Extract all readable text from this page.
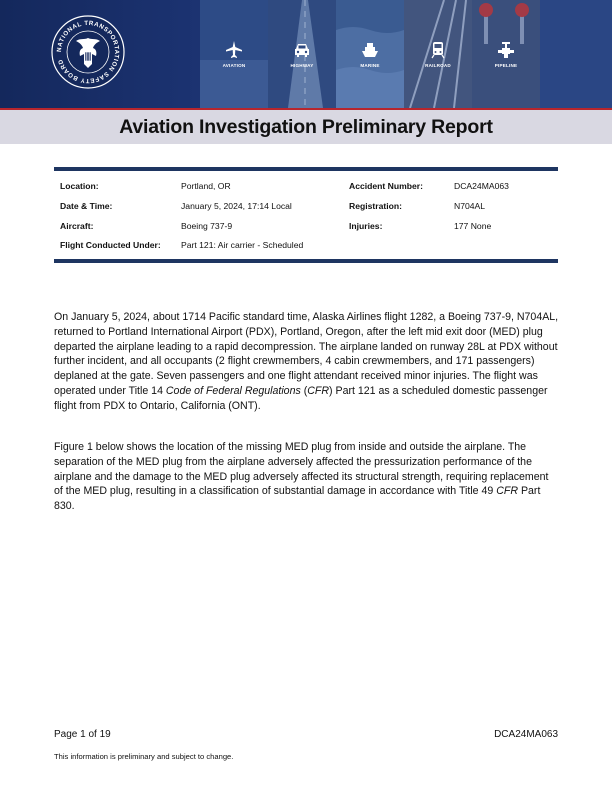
NATIONAL TRANSPORTATION SAFETY BOARD
AVIATION	HIGHWAY	MARINE	RAILROAD	PIPELINE
Aviation Investigation Preliminary Report
Location:	Portland, OR	Accident Number:	DCA24MA063
Date & Time:	January 5, 2024, 17:14 Local	Registration:	N704AL
Aircraft:	Boeing 737-9	Injuries:	177 None
Flight Conducted Under: Part 121: Air carrier - Scheduled

On January 5, 2024, about 1714 Pacific standard time, Alaska Airlines flight 1282, a Boeing 737-9, N704AL, returned to Portland International Airport (PDX), Portland, Oregon, after the left mid exit door (MED) plug departed the airplane leading to a rapid decompression. The airplane landed on runway 28L at PDX without further incident, and all occupants (2 flight crewmembers, 4 cabin crewmembers, and 171 passengers) deplaned at the gate. Seven passengers and one flight attendant received minor injuries. The flight was operated under Title 14 Code of Federal Regulations (CFR) Part 121 as a scheduled domestic passenger flight from PDX to Ontario, California (ONT).

Figure 1 below shows the location of the missing MED plug from inside and outside the airplane. The separation of the MED plug from the airplane adversely affected the pressurization performance of the airplane and the damage to the MED plug adversely affected its structural strength, requiring replacement of the MED plug, resulting in a classification of substantial damage in accordance with Title 49 CFR Part 830.

Page 1 of 19	DCA24MA063
This information is preliminary and subject to change.
